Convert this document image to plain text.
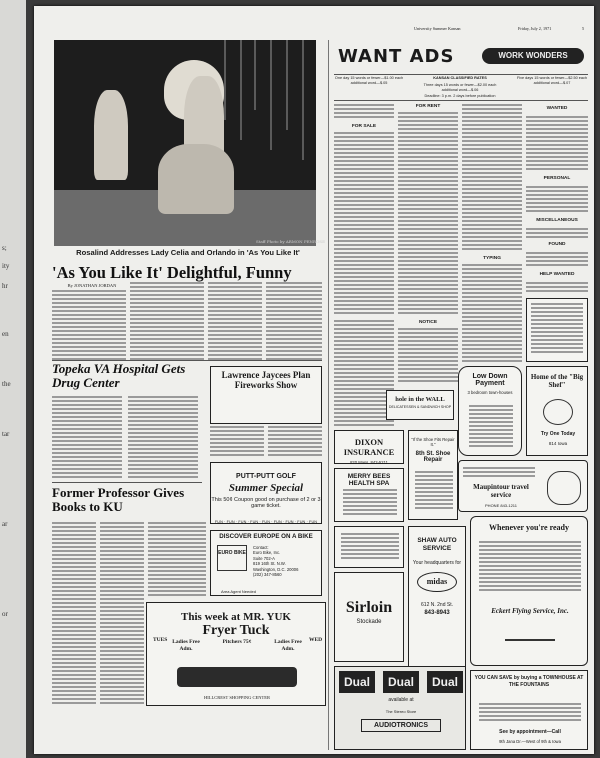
s;
ity
hr
en
the
tar
ar
or
University Summer Kansan	Friday, July 2, 1971	5
Staff Photo by ARMON PENROSE
Rosalind Addresses Lady Celia and Orlando in 'As You Like It'
'As You Like It' Delightful, Funny
By JONATHAN JORDAN
Topeka VA Hospital Gets Drug Center
Former Professor Gives Books to KU
Lawrence Jaycees Plan Fireworks Show
PUTT-PUTT GOLF
Summer Special
This 50¢ Coupon good on purchase of 2 or 3 game ticket.
FUN · FUN · FUN · FUN · FUN · FUN · FUN · FUN · FUN
DISCOVER EUROPE ON A BIKE
EURO BIKE
Contact:
Euro Bike, Inc.
Suite 702-A
819 16th St. N.W.
Washington, D.C. 20006
(202) 347-8560
Area Agent Needed
This week at MR. YUK
Fryer Tuck
TUES Ladies Free Adm.
Pitchers 75¢	Ladies Free Adm.
WED
HILLCREST SHOPPING CENTER
WANT ADS	WORK WONDERS
One day 15 words or fewer—$1.00 each additional word—$.05
KANSAN CLASSIFIED RATES
Three days 15 words or fewer—$2.00 each additional word—$.06
Five days 15 words or fewer—$2.50 each additional word—$.07
Deadline: 3 p.m. 2 days before publication
FOR SALE
FOR RENT
NOTICE
TYPING
WANTED
PERSONAL
MISCELLANEOUS
FOUND
HELP WANTED
Low Down Payment
3 bedroom town-houses
Home of the "Big Shef"
Try One Today
814 Iowa
hole in the WALL
DELICATESSEN & SANDWICH SHOP
DIXON INSURANCE
820 Mass. 842-5211
"If the Shoe Fits Repair It."
8th St. Shoe Repair
MERRY BEES HEALTH SPA	Maupintour travel service
PHONE 843-1211
SHAW AUTO SERVICE
Your headquarters for
midas
612 N. 2nd St.
843-8943
Whenever you're ready
Eckert Flying Service, Inc.
Sirloin
Stockade
YOU CAN SAVE by buying a TOWNHOUSE AT THE FOUNTAINS
See by appointment—Call
9th Jana Dr.—West of 9th & Iowa
Dual	Dual	Dual
available at
The Stereo Store
AUDIOTRONICS
